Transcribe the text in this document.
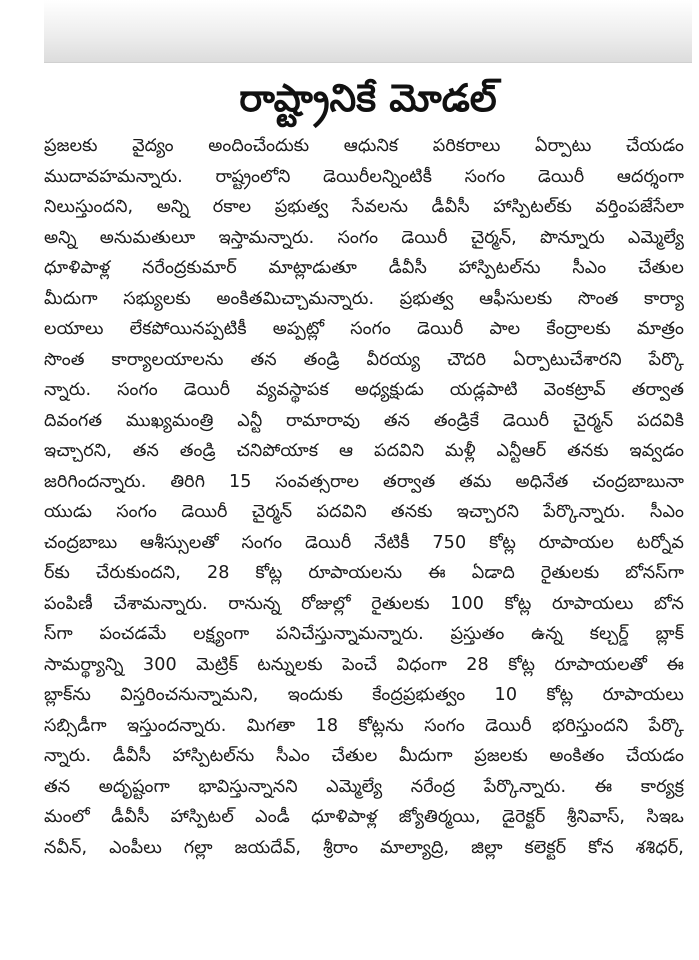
రాష్ట్రానికే మోడల్
ప్రజలకు వైద్యం అందించేందుకు ఆధునిక పరికరాలు ఏర్పాటు చేయడం
ముదావహమన్నారు. రాష్ట్రంలోని డెయిరీలన్నింటికీ సంగం డెయిరీ ఆదర్శంగా
నిలుస్తుందని, అన్ని రకాల ప్రభుత్వ సేవలను డీవీసీ హాస్పిటల్‌కు వర్తింపజేసేలా
అన్ని అనుమతులూ ఇస్తామన్నారు. సంగం డెయిరీ చైర్మన్, పొన్నూరు ఎమ్మెల్యే
ధూళిపాళ్ల నరేంద్రకుమార్ మాట్లాడుతూ డీవీసీ హాస్పిటల్‌ను సీఎం చేతుల
మీదుగా సభ్యులకు అంకితమిచ్చామన్నారు. ప్రభుత్వ ఆఫీసులకు సొంత కార్యా
లయాలు లేకపోయినప్పటికీ అప్పట్లో సంగం డెయిరీ పాల కేంద్రాలకు మాత్రం
సొంత కార్యాలయాలను తన తండ్రి వీరయ్య చౌదరి ఏర్పాటుచేశారని పేర్కొ
న్నారు. సంగం డెయిరీ వ్యవస్థాపక అధ్యక్షుడు యడ్లపాటి వెంకట్రావ్ తర్వాత
దివంగత ముఖ్యమంత్రి ఎన్టీ రామారావు తన తండ్రికే డెయిరీ చైర్మన్ పదవికి
ఇచ్చారని, తన తండ్రి చనిపోయాక ఆ పదవిని మళ్లీ ఎన్టీఆర్ తనకు ఇవ్వడం
జరిగిందన్నారు. తిరిగి 15 సంవత్సరాల తర్వాత తమ అధినేత చంద్రబాబునా
యుడు సంగం డెయిరీ చైర్మన్ పదవిని తనకు ఇచ్చారని పేర్కొన్నారు. సీఎం
చంద్రబాబు ఆశీస్సులతో సంగం డెయిరీ నేటికీ 750 కోట్ల రూపాయల టర్నోవ
ర్‌కు చేరుకుందని, 28 కోట్ల రూపాయలను ఈ ఏడాది రైతులకు బోనస్‌గా
పంపిణీ చేశామన్నారు. రానున్న రోజుల్లో రైతులకు 100 కోట్ల రూపాయలు బోన
స్‌గా పంచడమే లక్ష్యంగా పనిచేస్తున్నామన్నారు. ప్రస్తుతం ఉన్న కల్చర్డ్ బ్లాక్
సామర్థ్యాన్ని 300 మెట్రిక్ టన్నులకు పెంచే విధంగా 28 కోట్ల రూపాయలతో ఈ
బ్లాక్‌ను విస్తరించనున్నామని, ఇందుకు కేంద్రప్రభుత్వం 10 కోట్ల రూపాయలు
సబ్సిడీగా ఇస్తుందన్నారు. మిగతా 18 కోట్లను సంగం డెయిరీ భరిస్తుందని పేర్కొ
న్నారు. డీవీసీ హాస్పిటల్‌ను సీఎం చేతుల మీదుగా ప్రజలకు అంకితం చేయడం
తన అదృష్టంగా భావిస్తున్నానని ఎమ్మెల్యే నరేంద్ర పేర్కొన్నారు. ఈ కార్యక్ర
మంలో డీవీసీ హాస్పిటల్ ఎండీ ధూళిపాళ్ల జ్యోతిర్మయి, డైరెక్టర్ శ్రీనివాస్, సిఇఒ
నవీన్, ఎంపీలు గల్లా జయదేవ్, శ్రీరాం మాల్యాద్రి, జిల్లా కలెక్టర్ కోన శశిధర్,
